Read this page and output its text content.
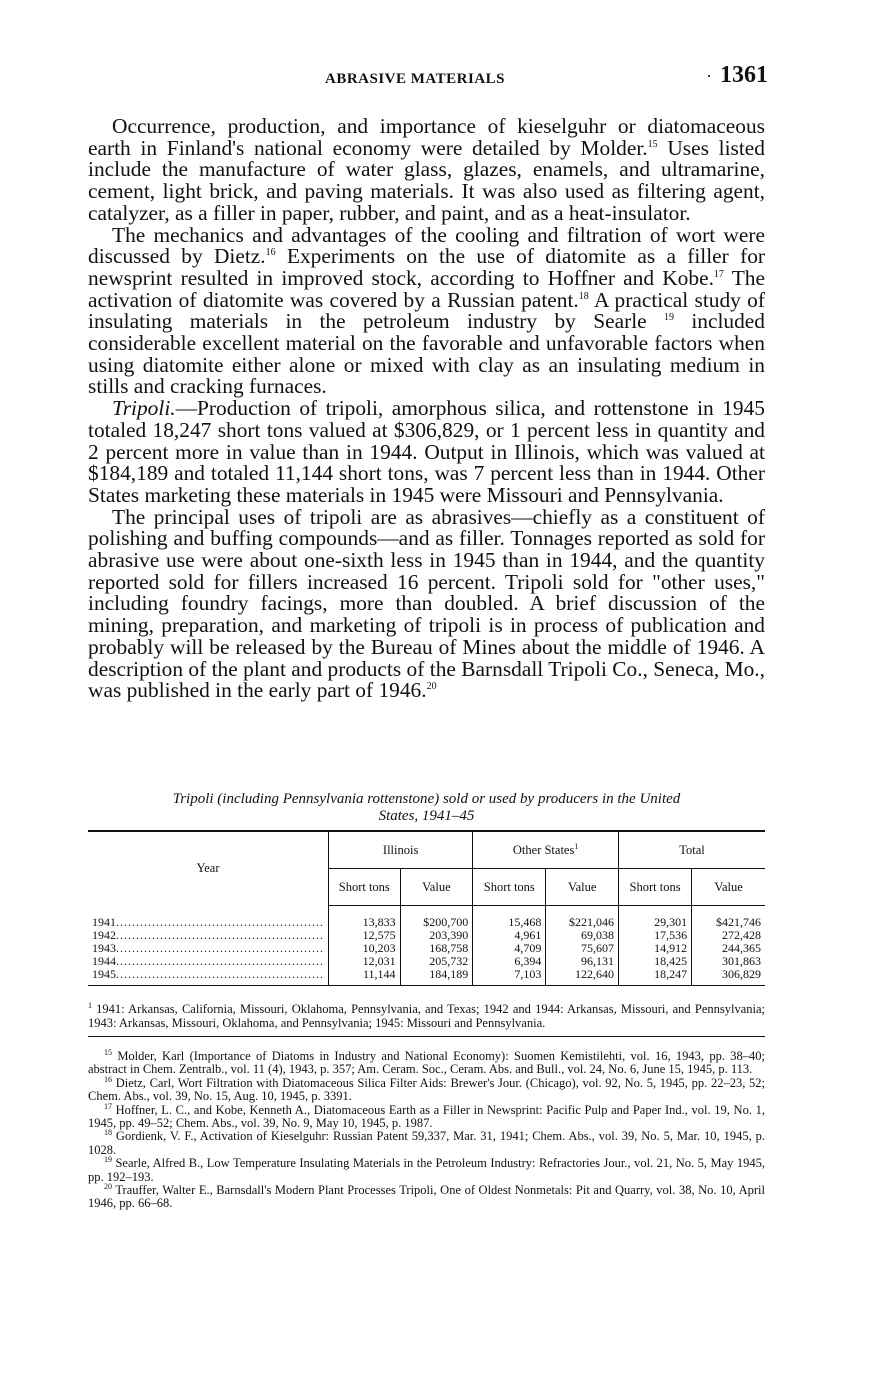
ABRASIVE MATERIALS	· 1361

Occurrence, production, and importance of kieselguhr or diatomaceous earth in Finland's national economy were detailed by Molder.$^{15}$ Uses listed include the manufacture of water glass, glazes, enamels, and ultramarine, cement, light brick, and paving materials. It was also used as filtering agent, catalyzer, as a filler in paper, rubber, and paint, and as a heat-insulator.

The mechanics and advantages of the cooling and filtration of wort were discussed by Dietz.$^{16}$ Experiments on the use of diatomite as a filler for newsprint resulted in improved stock, according to Hoffner and Kobe.$^{17}$ The activation of diatomite was covered by a Russian patent.$^{18}$ A practical study of insulating materials in the petroleum industry by Searle $^{19}$ included considerable excellent material on the favorable and unfavorable factors when using diatomite either alone or mixed with clay as an insulating medium in stills and cracking furnaces.

Tripoli.—Production of tripoli, amorphous silica, and rottenstone in 1945 totaled 18,247 short tons valued at $306,829, or 1 percent less in quantity and 2 percent more in value than in 1944. Output in Illinois, which was valued at $184,189 and totaled 11,144 short tons, was 7 percent less than in 1944. Other States marketing these materials in 1945 were Missouri and Pennsylvania.

The principal uses of tripoli are as abrasives—chiefly as a constituent of polishing and buffing compounds—and as filler. Tonnages reported as sold for abrasive use were about one-sixth less in 1945 than in 1944, and the quantity reported sold for fillers increased 16 percent. Tripoli sold for "other uses," including foundry facings, more than doubled. A brief discussion of the mining, preparation, and marketing of tripoli is in process of publication and probably will be released by the Bureau of Mines about the middle of 1946. A description of the plant and products of the Barnsdall Tripoli Co., Seneca, Mo., was published in the early part of 1946.20

Tripoli (including Pennsylvania rottenstone) sold or used by producers in the United
States, 1941–45
Year	Illinois		Other States$^1$		Total	
	Short tons	Value	Short tons	Value	Short tons	Value
1941....................................................	13,833	$200,700	15,468	$221,046	29,301	$421,746
1942....................................................	12,575	203,390	4,961	69,038	17,536	272,428
1943....................................................	10,203	168,758	4,709	75,607	14,912	244,365
1944....................................................	12,031	205,732	6,394	96,131	18,425	301,863
1945....................................................	11,144	184,189	7,103	122,640	18,247	306,829
$^1$ 1941: Arkansas, California, Missouri, Oklahoma, Pennsylvania, and Texas; 1942 and 1944: Arkansas, Missouri, and Pennsylvania; 1943: Arkansas, Missouri, Oklahoma, and Pennsylvania; 1945: Missouri and Pennsylvania.

$^{15}$ Molder, Karl (Importance of Diatoms in Industry and National Economy): Suomen Kemistilehti, vol. 16, 1943, pp. 38–40; abstract in Chem. Zentralb., vol. 11 (4), 1943, p. 357; Am. Ceram. Soc., Ceram. Abs. and Bull., vol. 24, No. 6, June 15, 1945, p. 113.

$^{16}$ Dietz, Carl, Wort Filtration with Diatomaceous Silica Filter Aids: Brewer's Jour. (Chicago), vol. 92, No. 5, 1945, pp. 22–23, 52; Chem. Abs., vol. 39, No. 15, Aug. 10, 1945, p. 3391.

$^{17}$ Hoffner, L. C., and Kobe, Kenneth A., Diatomaceous Earth as a Filler in Newsprint: Pacific Pulp and Paper Ind., vol. 19, No. 1, 1945, pp. 49–52; Chem. Abs., vol. 39, No. 9, May 10, 1945, p. 1987.

$^{18}$ Gordienk, V. F., Activation of Kieselguhr: Russian Patent 59,337, Mar. 31, 1941; Chem. Abs., vol. 39, No. 5, Mar. 10, 1945, p. 1028.

$^{19}$ Searle, Alfred B., Low Temperature Insulating Materials in the Petroleum Industry: Refractories Jour., vol. 21, No. 5, May 1945, pp. 192–193.

$^{20}$ Trauffer, Walter E., Barnsdall's Modern Plant Processes Tripoli, One of Oldest Nonmetals: Pit and Quarry, vol. 38, No. 10, April 1946, pp. 66–68.
